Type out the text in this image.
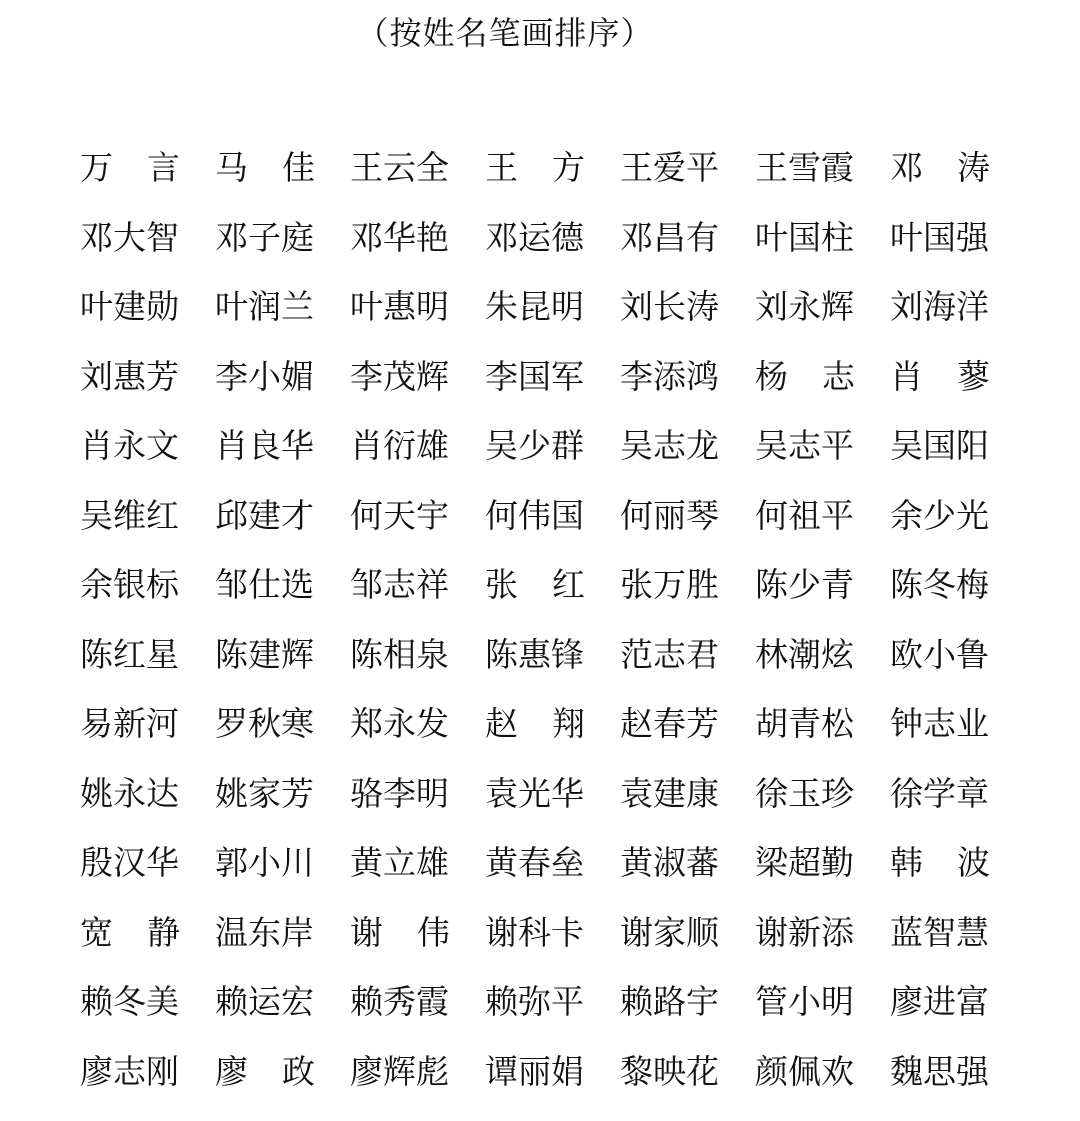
（按姓名笔画排序）
万 言 马 佳 王云全 王 方 王爱平 王雪霞 邓 涛
邓大智 邓子庭 邓华艳 邓运德 邓昌有 叶国柱 叶国强
叶建勋 叶润兰 叶惠明 朱昆明 刘长涛 刘永辉 刘海洋
刘惠芳 李小媚 李茂辉 李国军 李添鸿 杨 志 肖 蓼
肖永文 肖良华 肖衍雄 吴少群 吴志龙 吴志平 吴国阳
吴维红 邱建才 何天宇 何伟国 何丽琴 何祖平 余少光
余银标 邹仕选 邹志祥 张 红 张万胜 陈少青 陈冬梅
陈红星 陈建辉 陈相泉 陈惠锋 范志君 林潮炫 欧小鲁
易新河 罗秋寒 郑永发 赵 翔 赵春芳 胡青松 钟志业
姚永达 姚家芳 骆李明 袁光华 袁建康 徐玉珍 徐学章
殷汉华 郭小川 黄立雄 黄春垒 黄淑蕃 梁超勤 韩 波
宽 静 温东岸 谢 伟 谢科卡 谢家顺 谢新添 蓝智慧
赖冬美 赖运宏 赖秀霞 赖弥平 赖路宇 管小明 廖进富
廖志刚 廖 政 廖辉彪 谭丽娟 黎映花 颜佩欢 魏思强
